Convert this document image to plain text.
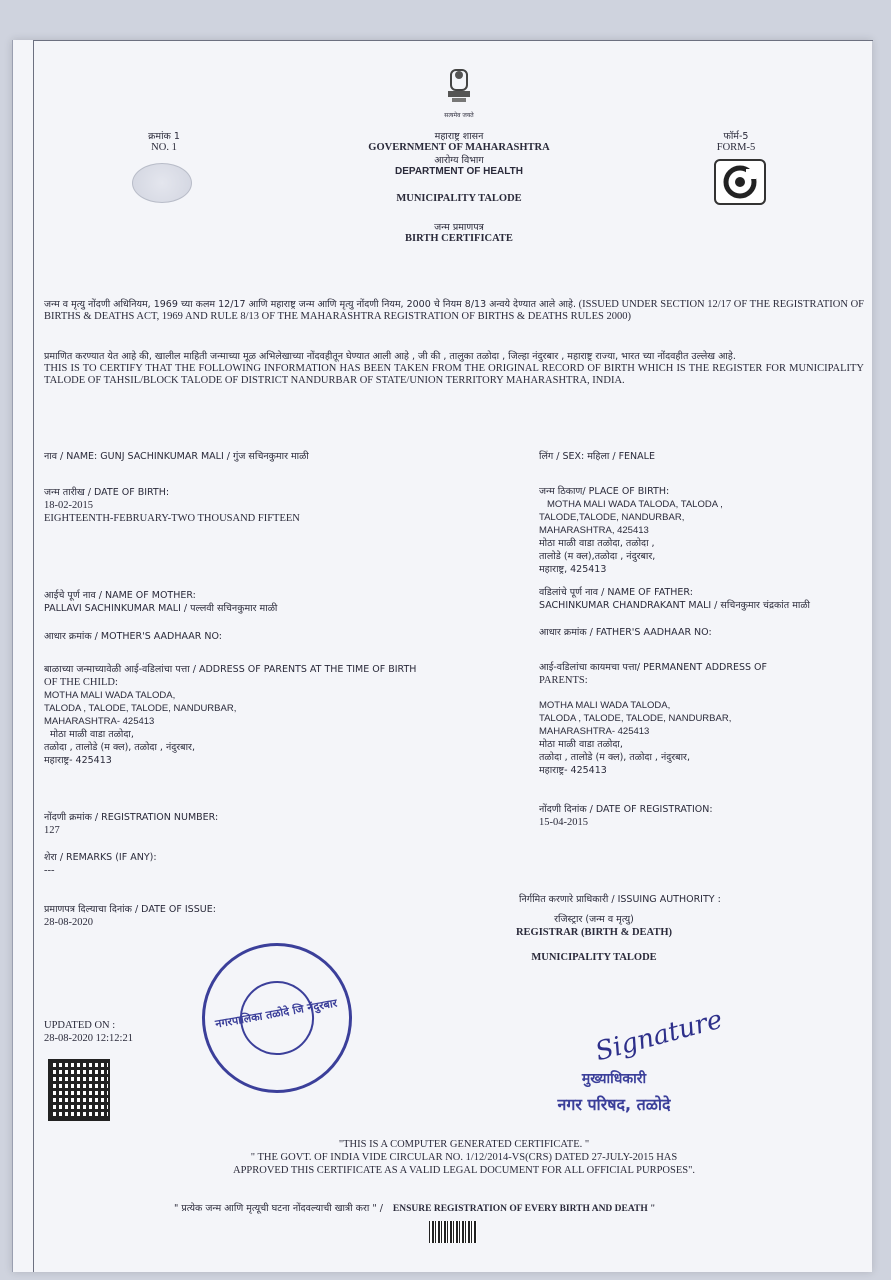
सत्यमेव जयते
क्रमांक 1
NO. 1
फॉर्म-5
FORM-5
महाराष्ट्र शासन
GOVERNMENT OF MAHARASHTRA
आरोग्य विभाग
DEPARTMENT OF HEALTH
MUNICIPALITY TALODE
जन्म प्रमाणपत्र
BIRTH CERTIFICATE
जन्म व मृत्यु नोंदणी अधिनियम, 1969 च्या कलम 12/17 आणि महाराष्ट्र जन्म आणि मृत्यु नोंदणी नियम, 2000 चे नियम 8/13 अन्वये देण्यात आले आहे. (ISSUED UNDER SECTION 12/17 OF THE REGISTRATION OF BIRTHS & DEATHS ACT, 1969 AND RULE 8/13 OF THE MAHARASHTRA REGISTRATION OF BIRTHS & DEATHS RULES 2000)
प्रमाणित करण्यात येत आहे की, खालील माहिती जन्माच्या मूळ अभिलेखाच्या नोंदवहीतून घेण्यात आली आहे , जी की , तालुका तळोदा , जिल्हा नंदुरबार , महाराष्ट्र राज्या, भारत च्या नोंदवहीत उल्लेख आहे.
THIS IS TO CERTIFY THAT THE FOLLOWING INFORMATION HAS BEEN TAKEN FROM THE ORIGINAL RECORD OF BIRTH WHICH IS THE REGISTER FOR MUNICIPALITY TALODE OF TAHSIL/BLOCK TALODE OF DISTRICT NANDURBAR OF STATE/UNION TERRITORY MAHARASHTRA, INDIA.
नाव / NAME: GUNJ SACHINKUMAR MALI / गुंज सचिनकुमार माळी	लिंग / SEX: महिला / FENALE
जन्म तारीख / DATE OF BIRTH:
18-02-2015
EIGHTEENTH-FEBRUARY-TWO THOUSAND FIFTEEN
जन्म ठिकाण/ PLACE OF BIRTH:
MOTHA MALI WADA TALODA, TALODA ,
TALODE,TALODE, NANDURBAR,
MAHARASHTRA, 425413
मोठा माळी वाडा तळोदा, तळोदा ,
तालोडे (म क्ल),तळोदा , नंदुरबार,
महाराष्ट्र, 425413
आईचे पूर्ण नाव / NAME OF MOTHER:
PALLAVI SACHINKUMAR MALI / पल्लवी सचिनकुमार माळी
वडिलांचे पूर्ण नाव / NAME OF FATHER:
SACHINKUMAR CHANDRAKANT MALI / सचिनकुमार चंद्रकांत माळी
आधार क्रमांक / MOTHER'S AADHAAR NO:	आधार क्रमांक / FATHER'S AADHAAR NO:
बाळाच्या जन्माच्यावेळी आई-वडिलांचा पत्ता / ADDRESS OF PARENTS AT THE TIME OF BIRTH
OF THE CHILD:
MOTHA MALI WADA TALODA,
TALODA , TALODE, TALODE, NANDURBAR,
MAHARASHTRA- 425413
मोठा माळी वाडा तळोदा,
तळोदा , तालोडे (म क्ल), तळोदा , नंदुरबार,
महाराष्ट्र- 425413
आई-वडिलांचा कायमचा पत्ता/ PERMANENT ADDRESS OF
PARENTS:
MOTHA MALI WADA TALODA,
TALODA , TALODE, TALODE, NANDURBAR,
MAHARASHTRA- 425413
मोठा माळी वाडा तळोदा,
तळोदा , तालोडे (म क्ल), तळोदा , नंदुरबार,
महाराष्ट्र- 425413
नोंदणी क्रमांक / REGISTRATION NUMBER:
127
नोंदणी दिनांक / DATE OF REGISTRATION:
15-04-2015
शेरा / REMARKS (IF ANY):
---
प्रमाणपत्र दिल्याचा दिनांक / DATE OF ISSUE:
28-08-2020
निर्गमित करणारे प्राधिकारी / ISSUING AUTHORITY :
रजिस्ट्रार (जन्म व मृत्यु)
REGISTRAR (BIRTH & DEATH)
MUNICIPALITY TALODE
नगरपालिका तळोदे जि नंदुरबार
UPDATED ON :
28-08-2020 12:12:21	Signature
मुख्याधिकारी
नगर परिषद, तळोदे
"THIS IS A COMPUTER GENERATED CERTIFICATE. "
" THE GOVT. OF INDIA VIDE CIRCULAR NO. 1/12/2014-VS(CRS) DATED 27-JULY-2015 HAS
APPROVED THIS CERTIFICATE AS A VALID LEGAL DOCUMENT FOR ALL OFFICIAL PURPOSES".
" प्रत्येक जन्म आणि मृत्यूची घटना नोंदवल्याची खात्री करा " / ENSURE REGISTRATION OF EVERY BIRTH AND DEATH "
